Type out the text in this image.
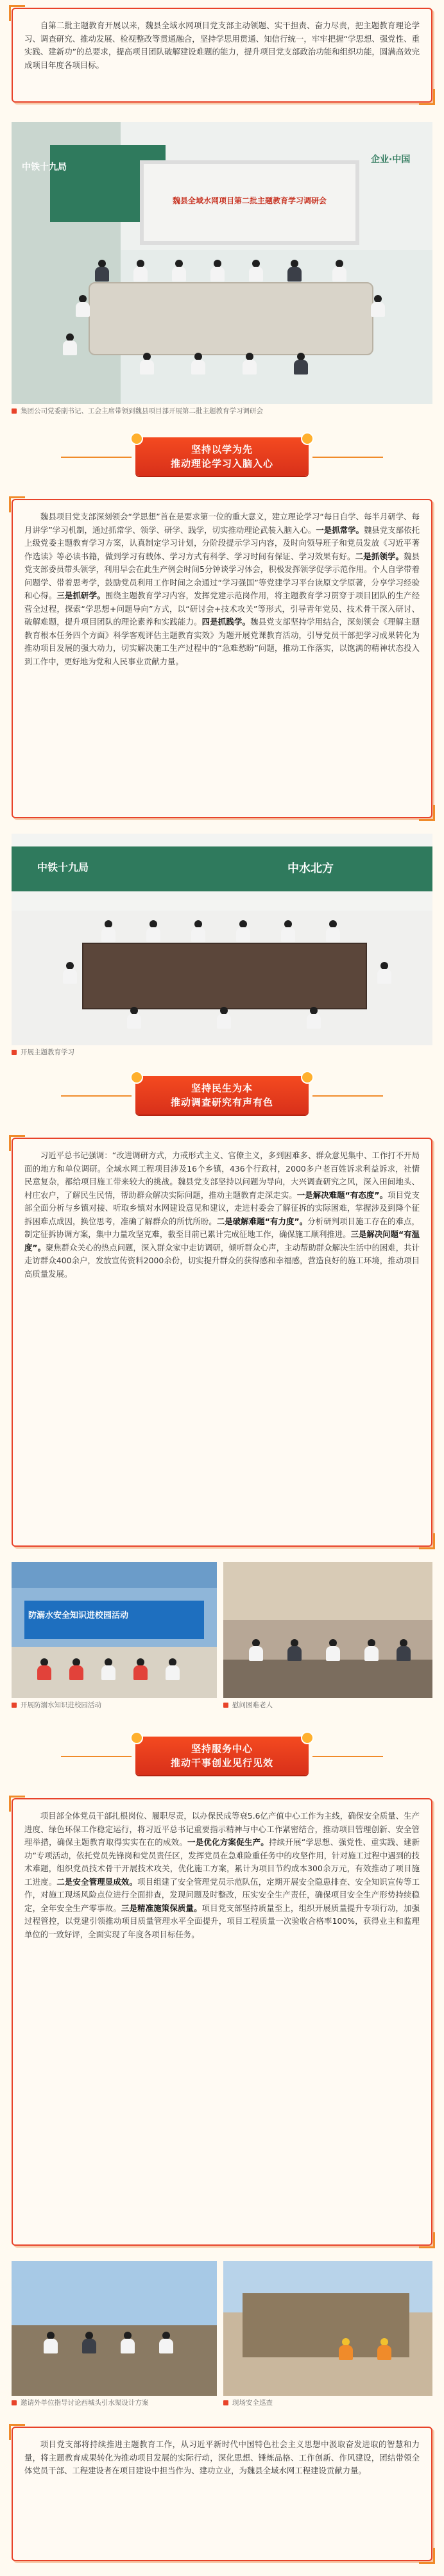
自第二批主题教育开展以来，魏县全域水网项目党支部主动领题、实干担责、奋力尽责，把主题教育理论学习、调查研究、推动发展、检视整改等贯通融合，坚持学思用贯通、知信行统一，牢牢把握“学思想、强党性、重实践、建新功”的总要求，提高项目团队破解建设难题的能力，提升项目党支部政治功能和组织功能，圆满高效完成项目年度各项目标。

中铁十九局
魏县全域水网项目第二批主题教育学习调研会
企业·中国
集团公司党委副书记、工会主席带领到魏县项目部开展第二批主题教育学习调研会
坚持以学为先
推动理论学习入脑入心

魏县项目党支部深刻领会“学思想”首在是要求第一位的重大意义，建立理论学习“每日自学、每半月研学、每月讲学”学习机制，通过抓常学、领学、研学、践学，切实推动理论武装入脑入心。一是抓常学。魏县党支部依托上级党委主题教育学习方案，认真制定学习计划，分阶段提示学习内容，及时向领导班子和党员发放《习近平著作选读》等必读书籍，做到学习有载体、学习方式有科学、学习时间有保证、学习效果有好。二是抓领学。魏县党支部委员带头领学，利用早会在此生产例会时间5分钟谈学习体会，积极发挥领学促学示范作用。个人自学带着问题学、带着思考学，鼓励党员利用工作时间之余通过“学习强国”等党建学习平台读原文学原著，分享学习经验和心得。三是抓研学。围绕主题教育学习内容，发挥党建示范岗作用，将主题教育学习贯穿于项目团队的生产经营全过程，探索“学思想+问题导向”方式，以“研讨会+技术攻关”等形式，引导青年党员、技术骨干深入研讨、破解难题，提升项目团队的理论素养和实践能力。四是抓践学。魏县党支部坚持学用结合，深刻领会《理解主题教育根本任务四个方面》科学客观评估主题教育实效》为题开展党课教育活动，引导党员干部把学习成果转化为推动项目发展的强大动力，切实解决施工生产过程中的“急难愁盼”问题，推动工作落实，以饱满的精神状态投入到工作中，更好地为党和人民事业贡献力量。

中铁十九局	中水北方
开展主题教育学习
坚持民生为本
推动调查研究有声有色

习近平总书记强调：“改进调研方式，力戒形式主义、官僚主义，多到困难多、群众意见集中、工作打不开局面的地方和单位调研。全域水网工程项目涉及16个乡镇，436个行政村，2000多户老百姓诉求利益诉求，社情民意复杂，都给项目施工带来较大的挑战。魏县党支部坚持以问题为导向，大兴调查研究之风，深入田间地头、村庄农户，了解民生民情，帮助群众解决实际问题，推动主题教育走深走实。一是解决难题“有态度”。项目党支部全面分析与乡镇对接、听取乡镇对水网建设意见和建议，走进村委会了解征拆的实际困难，掌握涉及到降个征拆困难点成因，换位思考，准确了解群众的所忧所盼。二是破解难题“有力度”。分析研判项目施工存在的难点，制定征拆协调方案，集中力量攻坚克难，截至目前已累计完成征地工作，确保施工顺利推进。三是解决问题“有温度”。聚焦群众关心的热点问题，深入群众家中走访调研，倾听群众心声，主动帮助群众解决生活中的困难，共计走访群众400余户，发放宣传资料2000余份，切实提升群众的获得感和幸福感，营造良好的施工环境，推动项目高质量发展。

防溺水安全知识进校园活动
开展防溺水知识进校园活动	慰问困难老人
坚持服务中心
推动干事创业见行见效

项目部全体党员干部扎根岗位、履职尽责，以办保民成等衰5.6亿产值中心工作为主线，确保安全质量、生产进度、绿色环保工作稳定运行，将习近平总书记重要指示精神与中心工作紧密结合，推动项目管理创新、安全管理举措，确保主题教育取得实实在在的成效。一是优化方案促生产。持续开展“学思想、强党性、重实践、建新功”专项活动，依托党员先锋岗和党员责任区，发挥党员在急难险重任务中的攻坚作用，针对施工过程中遇到的技术难题，组织党员技术骨干开展技术攻关，优化施工方案，累计为项目节约成本300余万元，有效推动了项目施工进度。二是安全管理显成效。项目组建了安全管理党员示范队伍，定期开展安全隐患排查、安全知识宣传等工作，对施工现场风险点位进行全面排查，发现问题及时整改，压实安全生产责任，确保项目安全生产形势持续稳定，全年安全生产零事故。三是精准施策保质量。项目党支部坚持质量至上，组织开展质量提升专项行动，加强过程管控，以党建引领推动项目质量管理水平全面提升，项目工程质量一次验收合格率100%，获得业主和监理单位的一致好评，全面实现了年度各项目标任务。

邀请外单位指导讨论西城头引水渠设计方案	现场安全巡查

项目党支部将持续推进主题教育工作，从习近平新时代中国特色社会主义思想中汲取奋发进取的智慧和力量，将主题教育成果转化为推动项目发展的实际行动，深化思想、锤炼品格、工作创新、作风建设，团结带领全体党员干部、工程建设者在项目建设中担当作为、建功立业，为魏县全域水网工程建设贡献力量。
